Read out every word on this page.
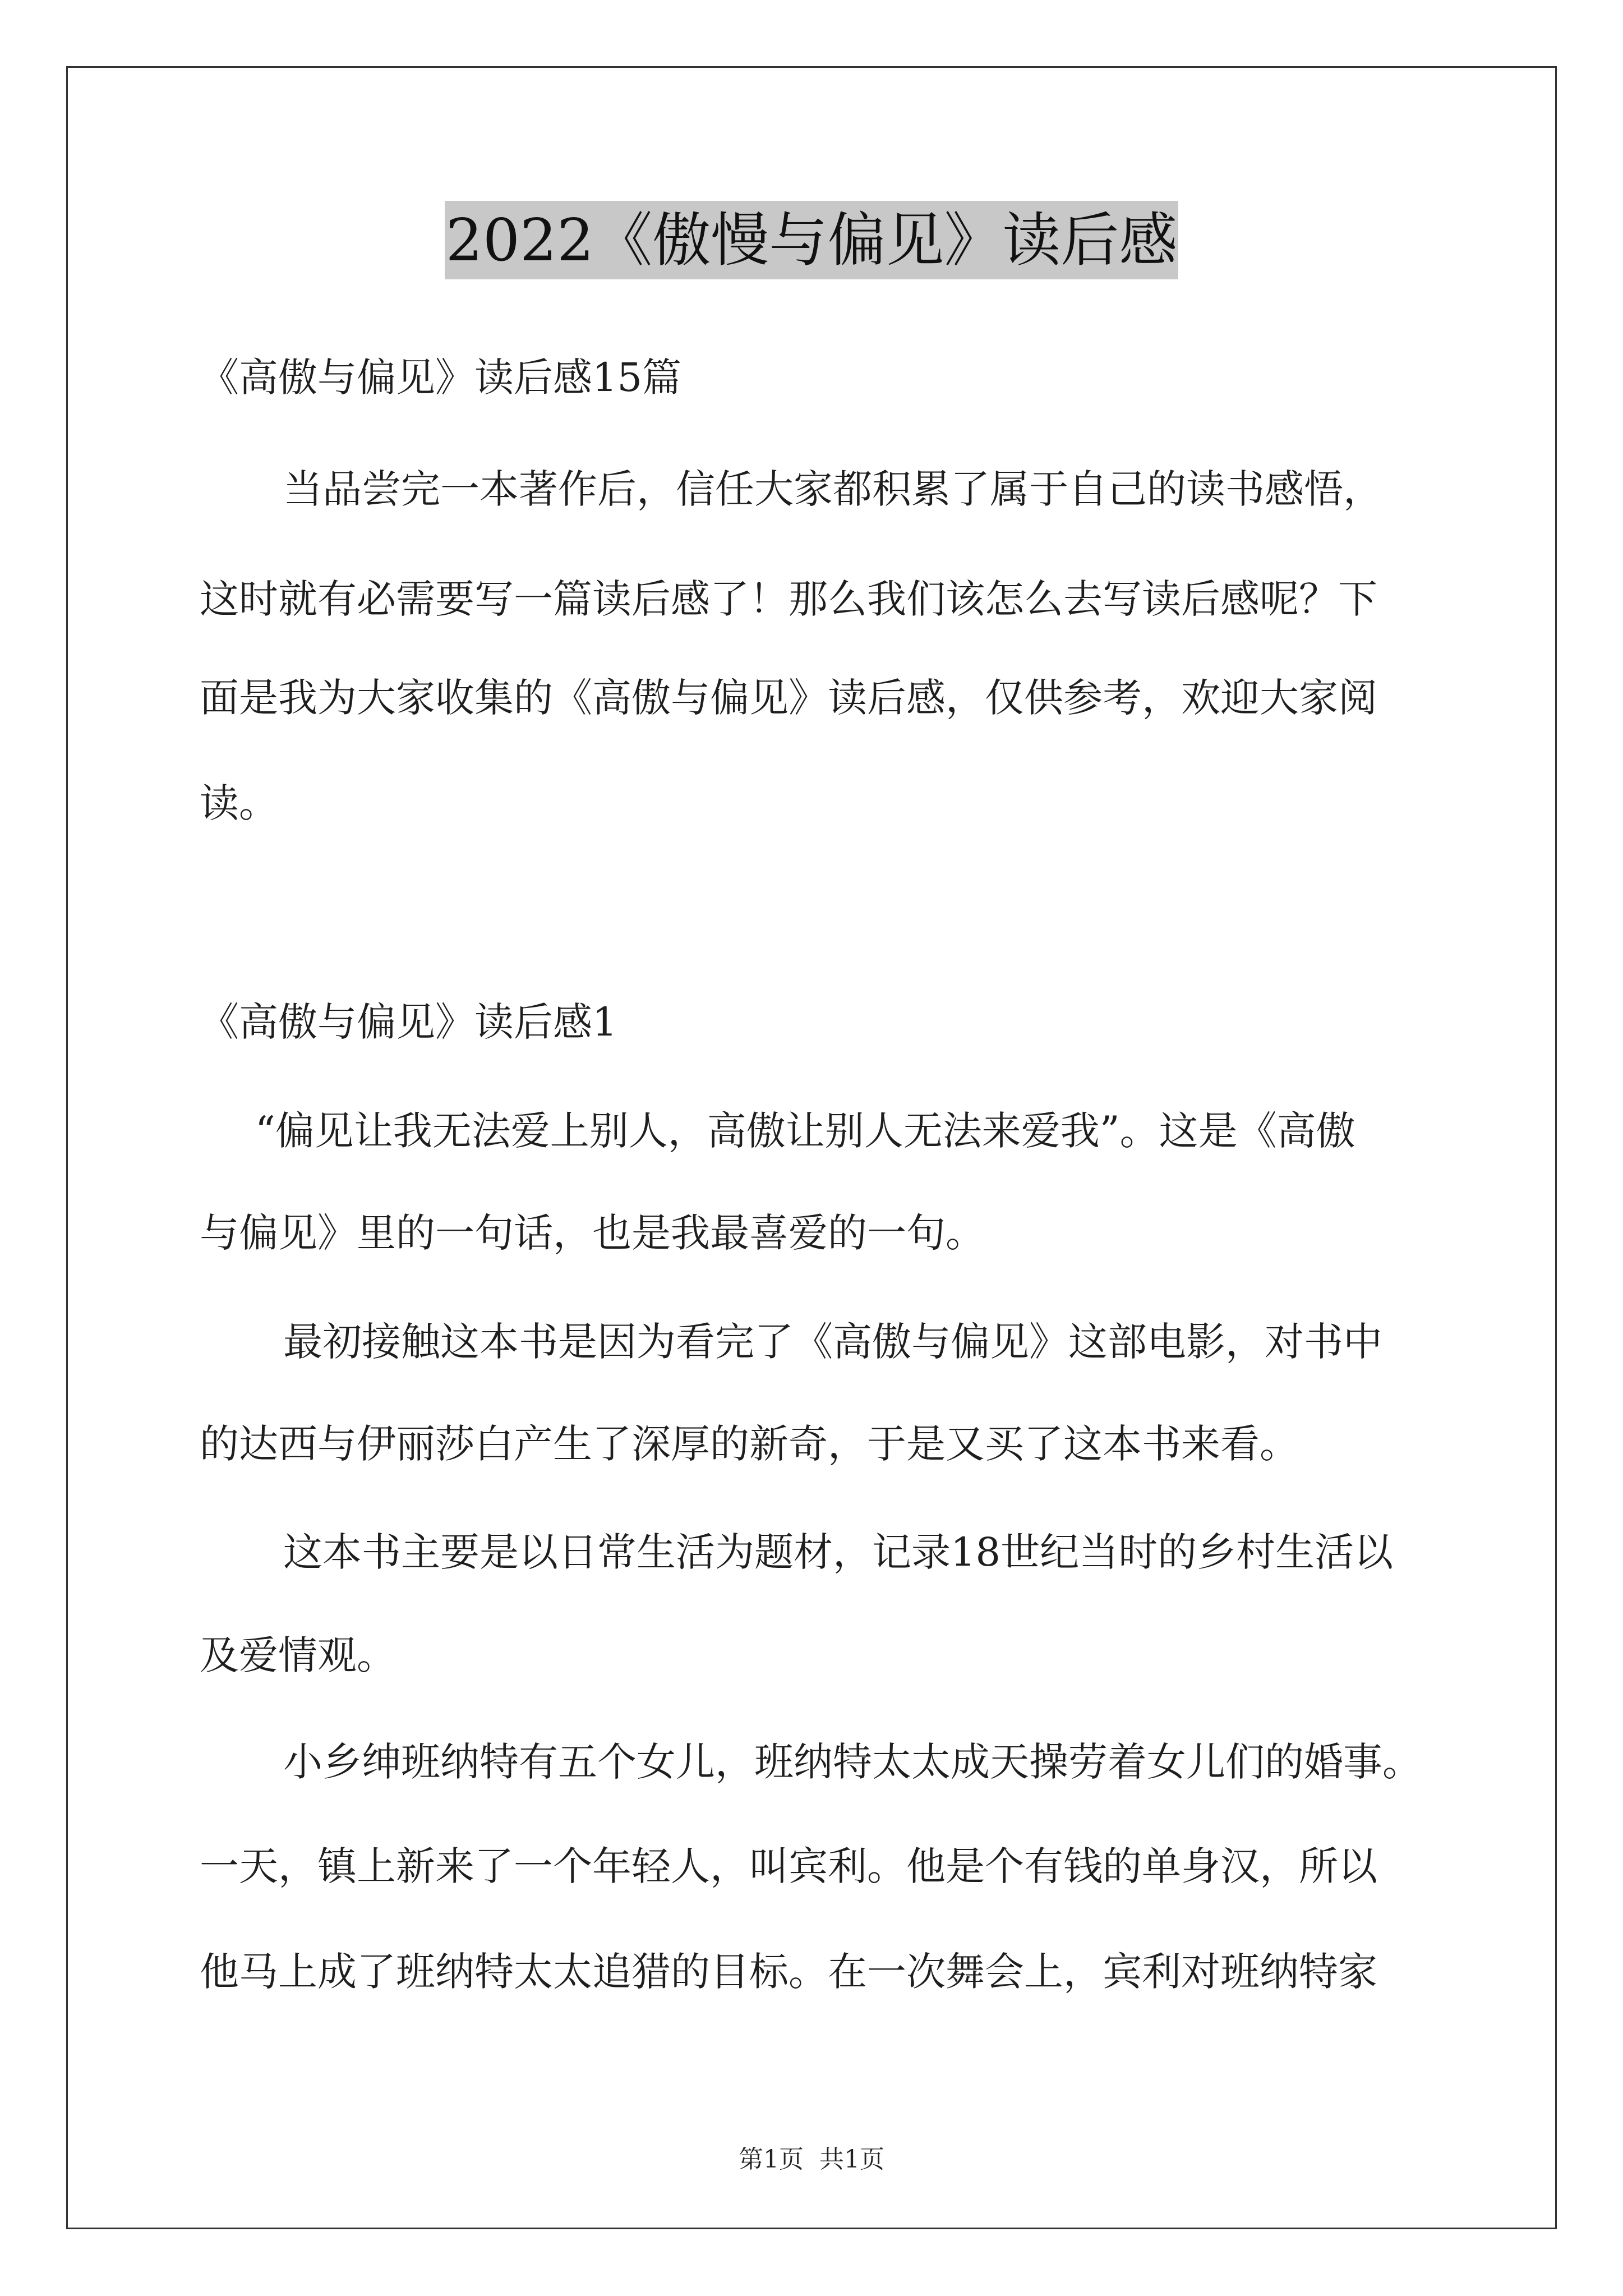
2022《傲慢与偏见》读后感
《高傲与偏见》读后感15篇
当品尝完一本著作后，信任大家都积累了属于自己的读书感悟，
这时就有必需要写一篇读后感了！那么我们该怎么去写读后感呢？下
面是我为大家收集的《高傲与偏见》读后感，仅供参考，欢迎大家阅
读。
《高傲与偏见》读后感1
“偏见让我无法爱上别人，高傲让别人无法来爱我”。这是《高傲
与偏见》里的一句话，也是我最喜爱的一句。
最初接触这本书是因为看完了《高傲与偏见》这部电影，对书中
的达西与伊丽莎白产生了深厚的新奇，于是又买了这本书来看。
这本书主要是以日常生活为题材，记录18世纪当时的乡村生活以
及爱情观。
小乡绅班纳特有五个女儿，班纳特太太成天操劳着女儿们的婚事。
一天，镇上新来了一个年轻人，叫宾利。他是个有钱的单身汉，所以
他马上成了班纳特太太追猎的目标。在一次舞会上，宾利对班纳特家
第1页 共1页
